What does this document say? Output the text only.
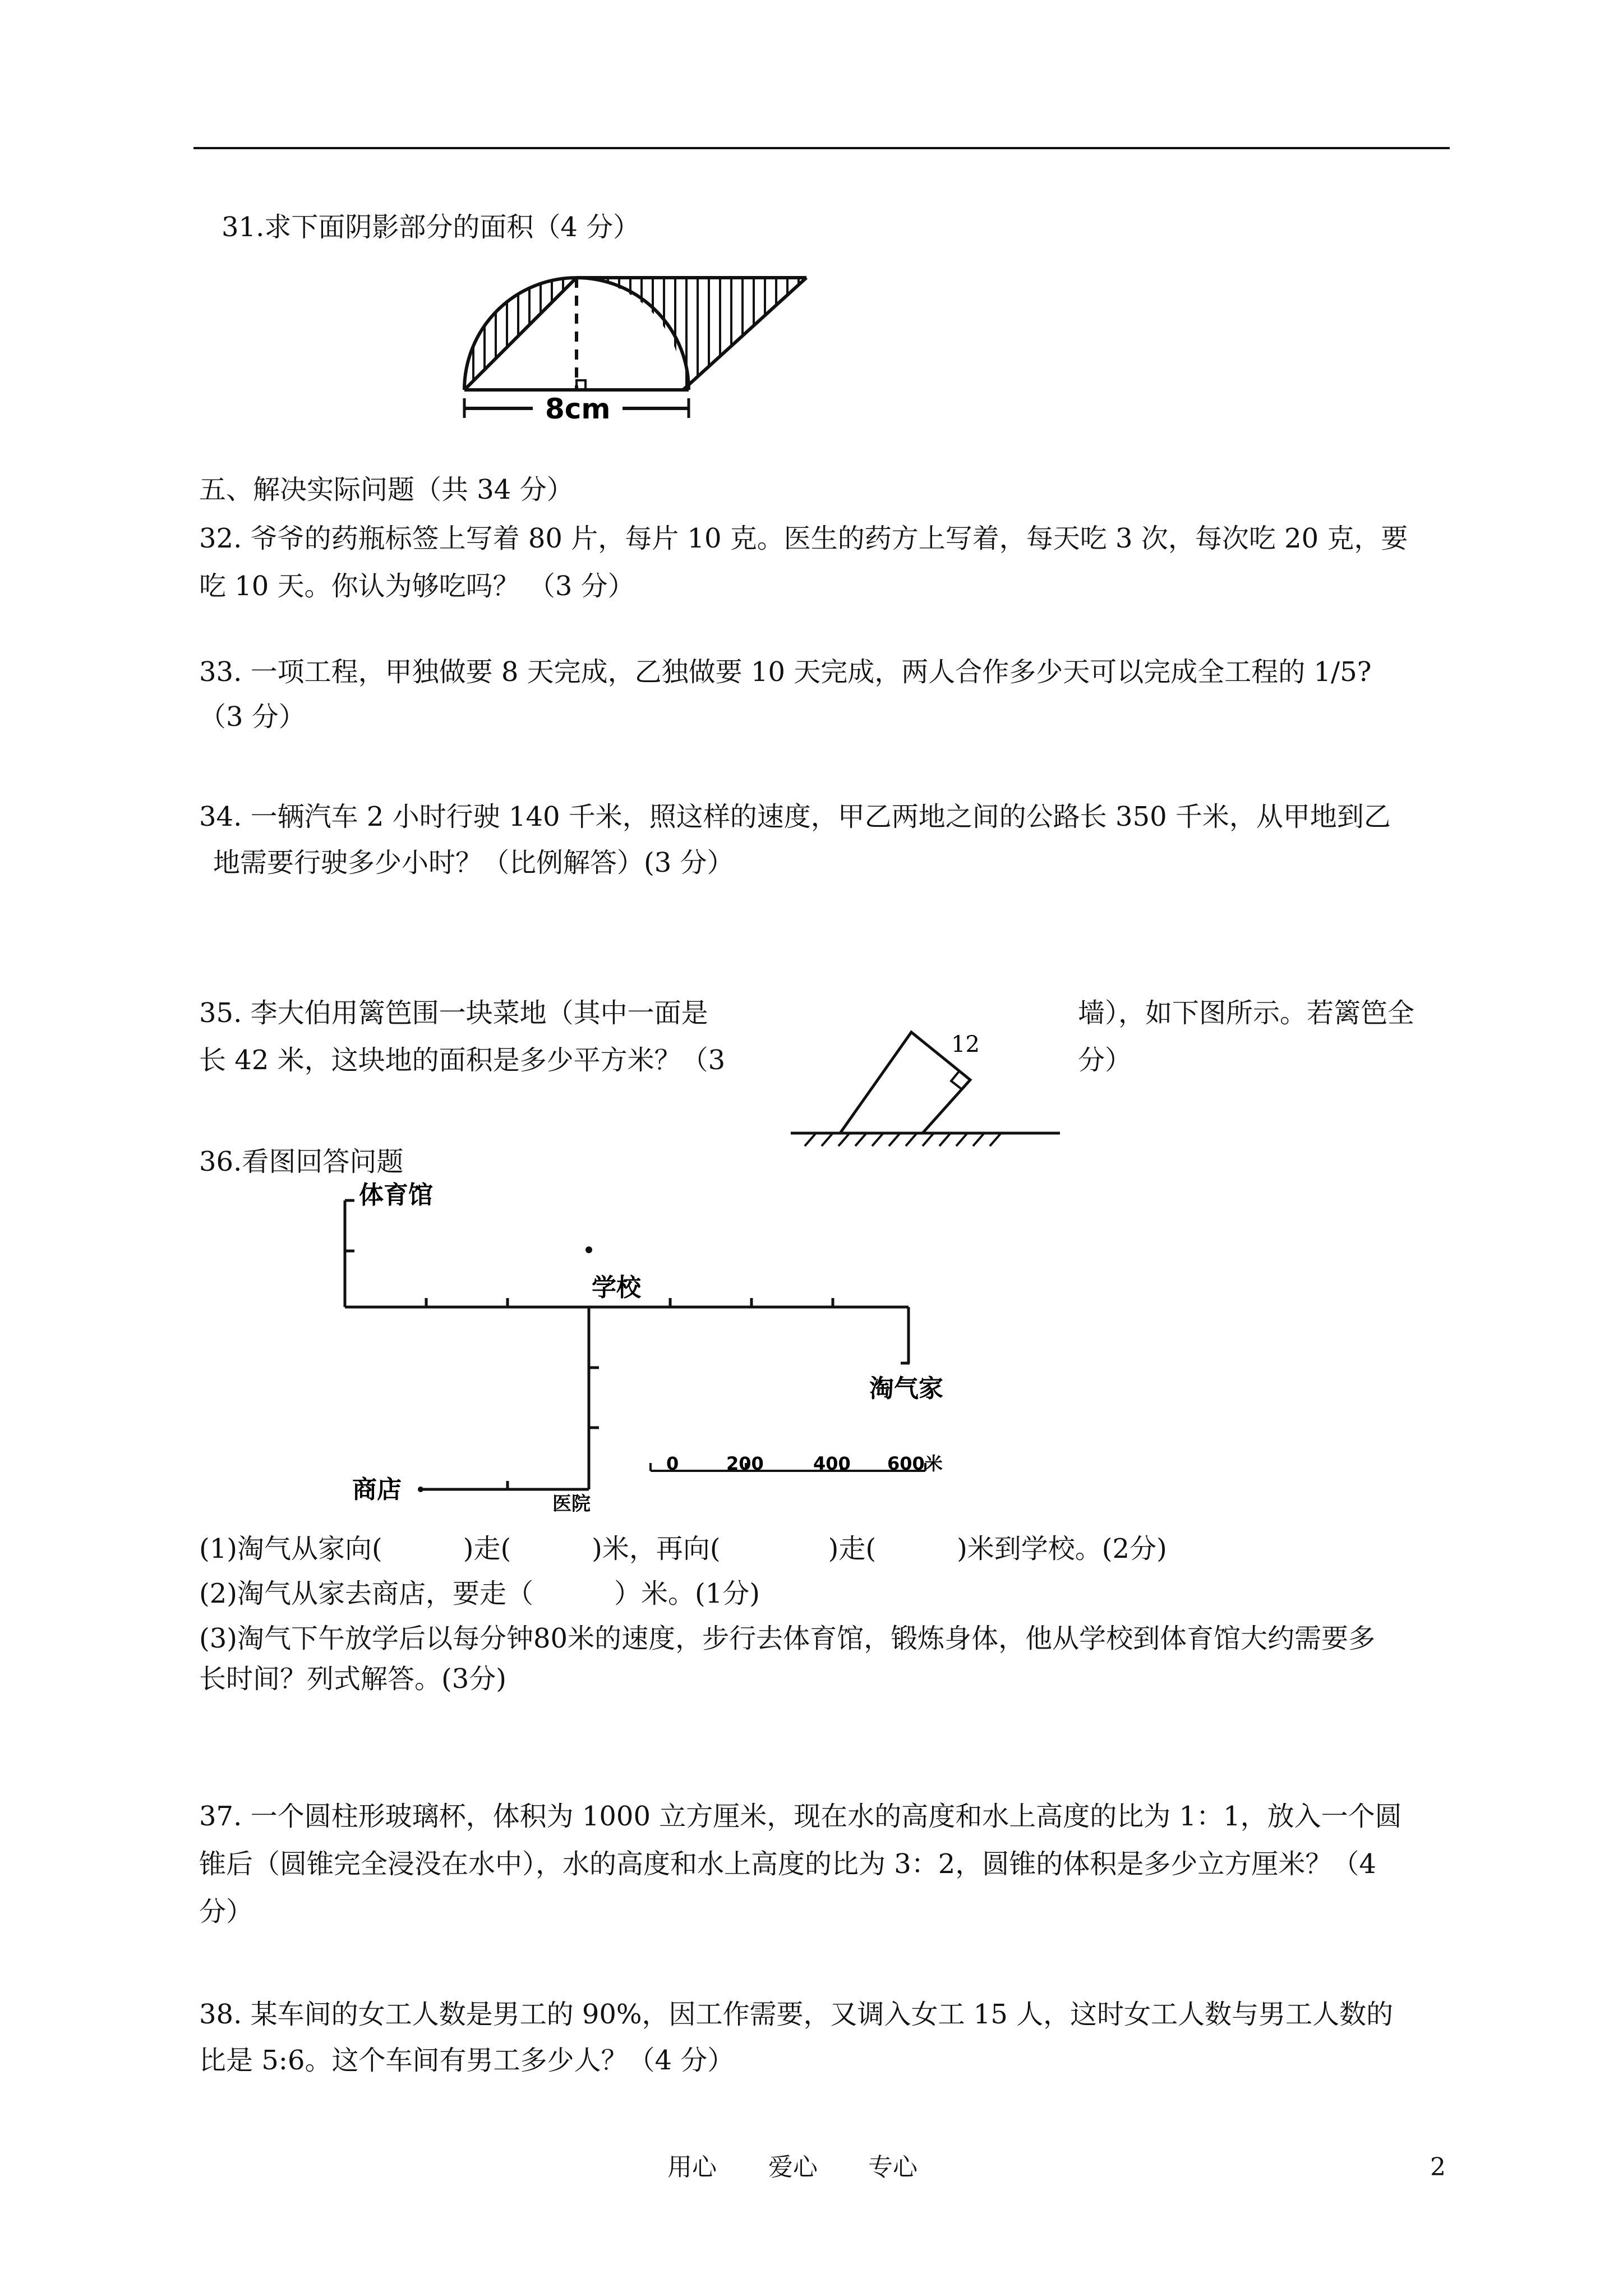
31.求下面阴影部分的面积（4 分）
8cm
五、解决实际问题（共 34 分）
32. 爷爷的药瓶标签上写着 80 片，每片 10 克。医生的药方上写着，每天吃 3 次，每次吃 20 克，要
吃 10 天。你认为够吃吗？ （3 分）
33. 一项工程，甲独做要 8 天完成，乙独做要 10 天完成，两人合作多少天可以完成全工程的 1/5?
（3 分）
34. 一辆汽车 2 小时行驶 140 千米，照这样的速度，甲乙两地之间的公路长 350 千米，从甲地到乙
地需要行驶多少小时？（比例解答）(3 分）
35. 李大伯用篱笆围一块菜地（其中一面是	墙），如下图所示。若篱笆全
长 42 米，这块地的面积是多少平方米？（3	分）
12
36.看图回答问题
体育馆
学校
淘气家
商店	医院
0	200	400 600米
(1)淘气从家向(　　　)走(　　　)米，再向(　　　　)走(　　　)米到学校。(2分)
(2)淘气从家去商店，要走（　　　）米。(1分)
(3)淘气下午放学后以每分钟80米的速度，步行去体育馆，锻炼身体，他从学校到体育馆大约需要多
长时间？列式解答。(3分)
37. 一个圆柱形玻璃杯，体积为 1000 立方厘米，现在水的高度和水上高度的比为 1：1，放入一个圆
锥后（圆锥完全浸没在水中），水的高度和水上高度的比为 3：2，圆锥的体积是多少立方厘米？（4
分）
38. 某车间的女工人数是男工的 90%，因工作需要，又调入女工 15 人，这时女工人数与男工人数的
比是 5:6。这个车间有男工多少人？（4 分）
用心 爱心 专心	2
